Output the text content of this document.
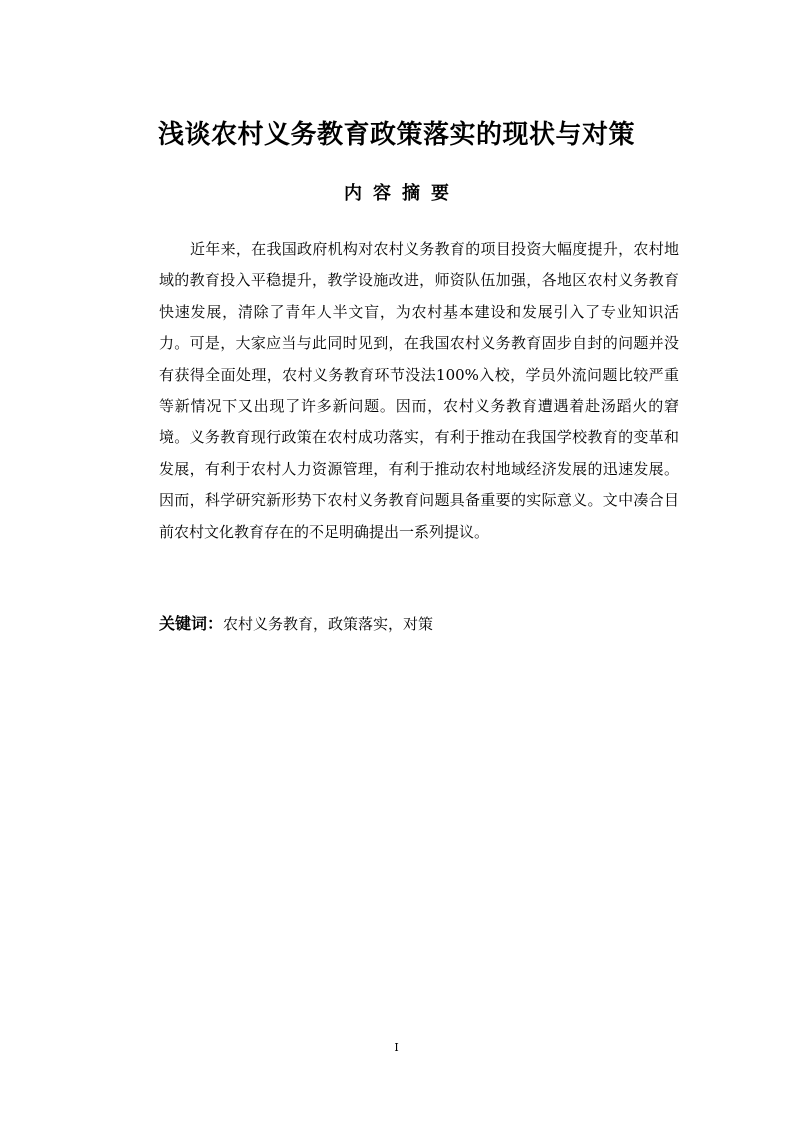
浅谈农村义务教育政策落实的现状与对策
内容摘要

近年来，在我国政府机构对农村义务教育的项目投资大幅度提升，农村地域的教育投入平稳提升，教学设施改进，师资队伍加强，各地区农村义务教育快速发展，清除了青年人半文盲，为农村基本建设和发展引入了专业知识活力。可是，大家应当与此同时见到，在我国农村义务教育固步自封的问题并没有获得全面处理，农村义务教育环节没法100%入校，学员外流问题比较严重等新情况下又出现了许多新问题。因而，农村义务教育遭遇着赴汤蹈火的窘境。义务教育现行政策在农村成功落实，有利于推动在我国学校教育的变革和发展，有利于农村人力资源管理，有利于推动农村地域经济发展的迅速发展。因而，科学研究新形势下农村义务教育问题具备重要的实际意义。文中凑合目前农村文化教育存在的不足明确提出一系列提议。

关键词：农村义务教育，政策落实，对策

I
